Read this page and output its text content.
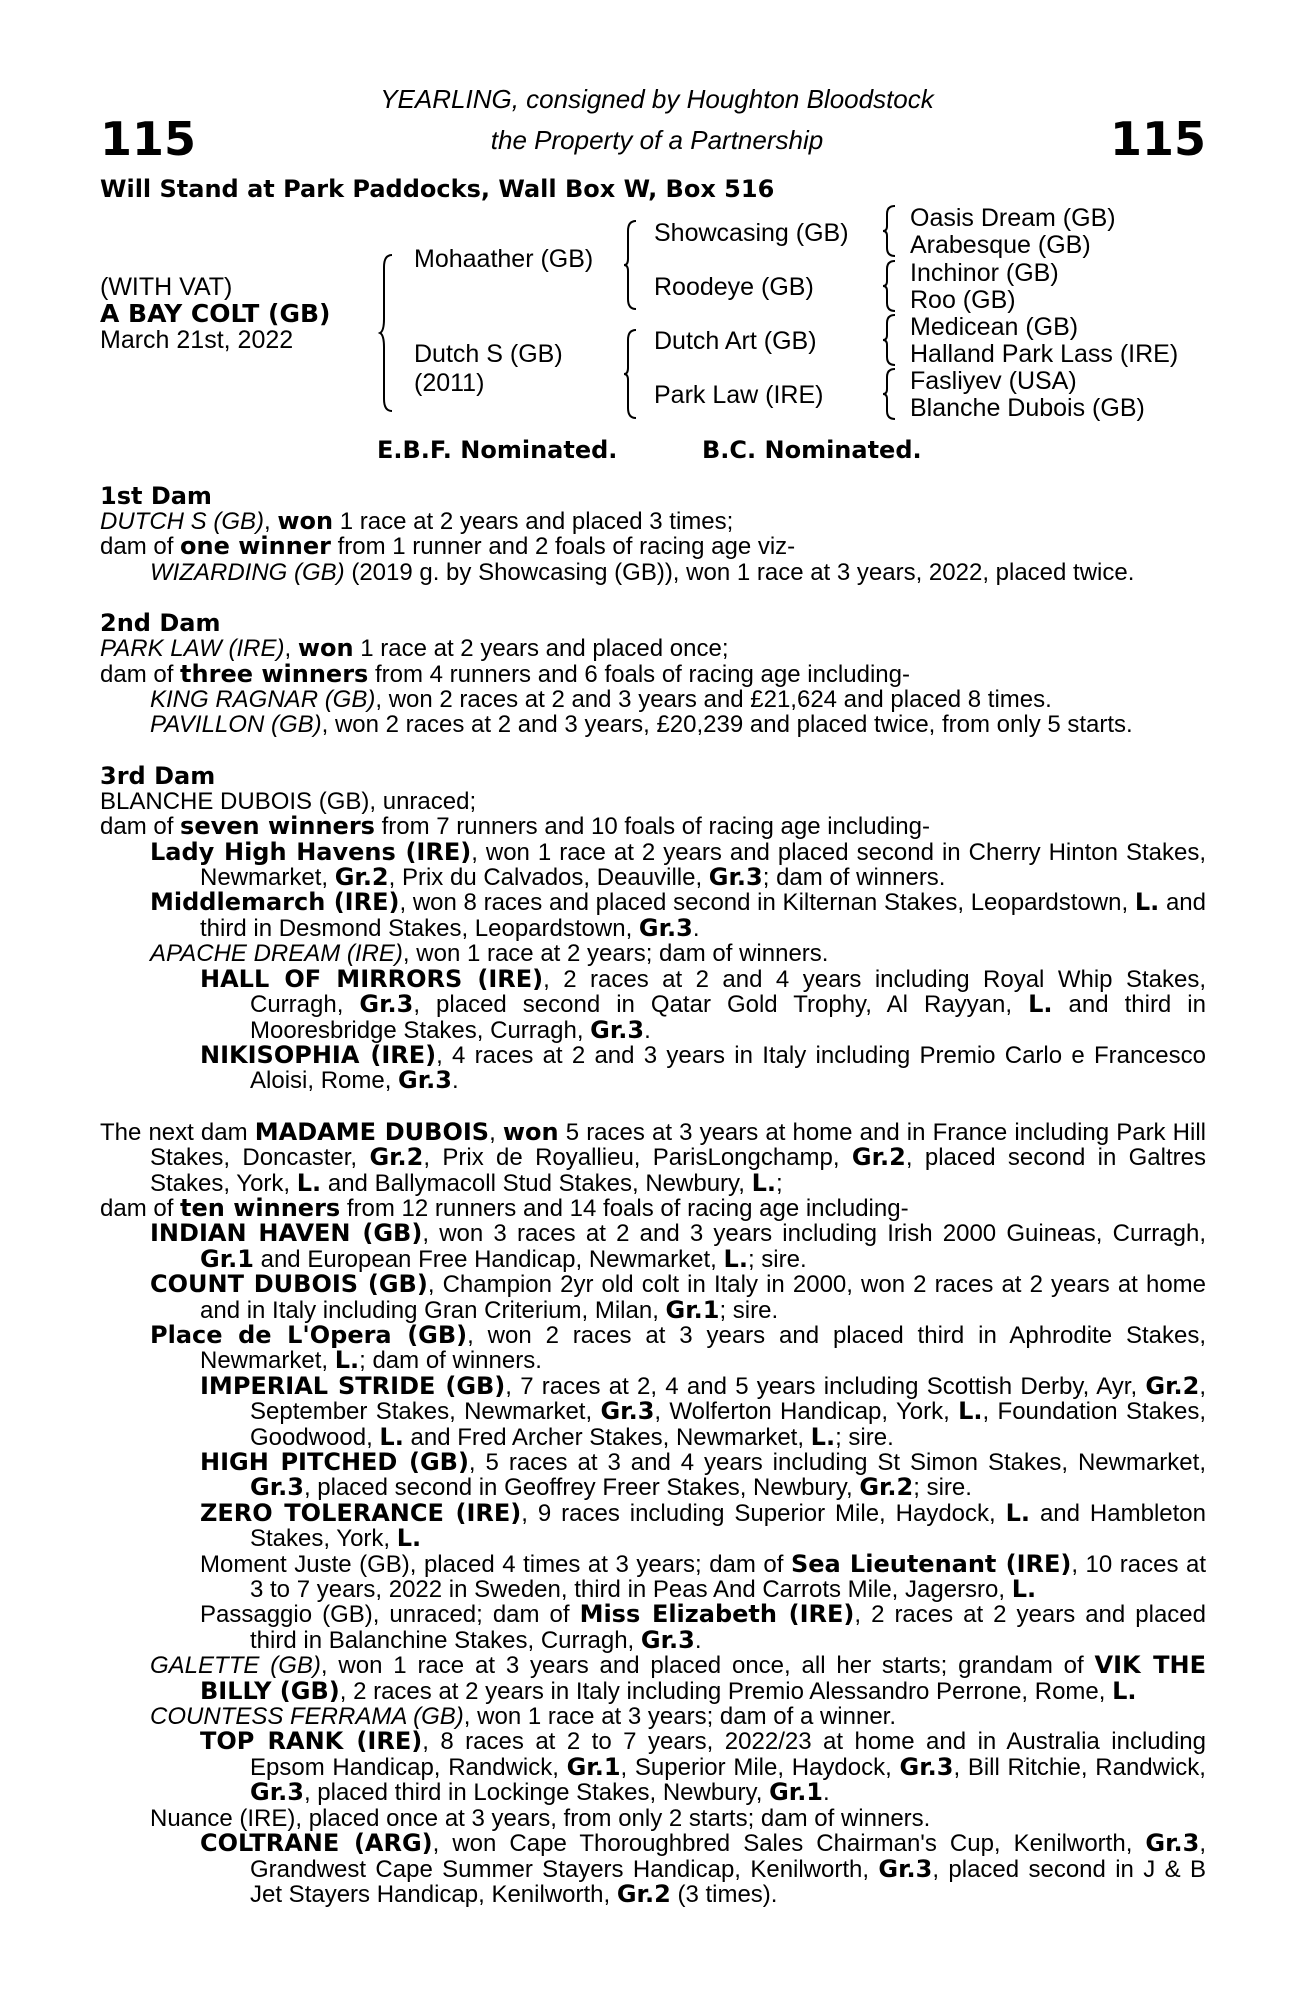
115	115
YEARLING, consigned by Houghton Bloodstock
the Property of a Partnership
Will Stand at Park Paddocks, Wall Box W, Box 516
(WITH VAT)
A BAY COLT (GB)
March 21st, 2022
Mohaather (GB)
Dutch S (GB)
(2011)
Showcasing (GB)
Roodeye (GB)
Dutch Art (GB)
Park Law (IRE)
Oasis Dream (GB)
Arabesque (GB)
Inchinor (GB)
Roo (GB)
Medicean (GB)
Halland Park Lass (IRE)
Fasliyev (USA)
Blanche Dubois (GB)
E.B.F. Nominated.	B.C. Nominated.
1st Dam
DUTCH S (GB), won 1 race at 2 years and placed 3 times;
dam of one winner from 1 runner and 2 foals of racing age viz-
WIZARDING (GB) (2019 g. by Showcasing (GB)), won 1 race at 3 years, 2022, placed twice.
2nd Dam
PARK LAW (IRE), won 1 race at 2 years and placed once;
dam of three winners from 4 runners and 6 foals of racing age including-
KING RAGNAR (GB), won 2 races at 2 and 3 years and £21,624 and placed 8 times.
PAVILLON (GB), won 2 races at 2 and 3 years, £20,239 and placed twice, from only 5 starts.
3rd Dam
BLANCHE DUBOIS (GB), unraced;
dam of seven winners from 7 runners and 10 foals of racing age including-
Lady High Havens (IRE), won 1 race at 2 years and placed second in Cherry Hinton Stakes, Newmarket, Gr.2, Prix du Calvados, Deauville, Gr.3; dam of winners.
Middlemarch (IRE), won 8 races and placed second in Kilternan Stakes, Leopardstown, L. and third in Desmond Stakes, Leopardstown, Gr.3.
APACHE DREAM (IRE), won 1 race at 2 years; dam of winners.
HALL OF MIRRORS (IRE), 2 races at 2 and 4 years including Royal Whip Stakes, Curragh, Gr.3, placed second in Qatar Gold Trophy, Al Rayyan, L. and third in Mooresbridge Stakes, Curragh, Gr.3.
NIKISOPHIA (IRE), 4 races at 2 and 3 years in Italy including Premio Carlo e Francesco Aloisi, Rome, Gr.3.
The next dam MADAME DUBOIS, won 5 races at 3 years at home and in France including Park Hill Stakes, Doncaster, Gr.2, Prix de Royallieu, ParisLongchamp, Gr.2, placed second in Galtres Stakes, York, L. and Ballymacoll Stud Stakes, Newbury, L.;
dam of ten winners from 12 runners and 14 foals of racing age including-
INDIAN HAVEN (GB), won 3 races at 2 and 3 years including Irish 2000 Guineas, Curragh, Gr.1 and European Free Handicap, Newmarket, L.; sire.
COUNT DUBOIS (GB), Champion 2yr old colt in Italy in 2000, won 2 races at 2 years at home and in Italy including Gran Criterium, Milan, Gr.1; sire.
Place de L'Opera (GB), won 2 races at 3 years and placed third in Aphrodite Stakes, Newmarket, L.; dam of winners.
IMPERIAL STRIDE (GB), 7 races at 2, 4 and 5 years including Scottish Derby, Ayr, Gr.2, September Stakes, Newmarket, Gr.3, Wolferton Handicap, York, L., Foundation Stakes, Goodwood, L. and Fred Archer Stakes, Newmarket, L.; sire.
HIGH PITCHED (GB), 5 races at 3 and 4 years including St Simon Stakes, Newmarket, Gr.3, placed second in Geoffrey Freer Stakes, Newbury, Gr.2; sire.
ZERO TOLERANCE (IRE), 9 races including Superior Mile, Haydock, L. and Hambleton Stakes, York, L.
Moment Juste (GB), placed 4 times at 3 years; dam of Sea Lieutenant (IRE), 10 races at 3 to 7 years, 2022 in Sweden, third in Peas And Carrots Mile, Jagersro, L.
Passaggio (GB), unraced; dam of Miss Elizabeth (IRE), 2 races at 2 years and placed third in Balanchine Stakes, Curragh, Gr.3.
GALETTE (GB), won 1 race at 3 years and placed once, all her starts; grandam of VIK THE BILLY (GB), 2 races at 2 years in Italy including Premio Alessandro Perrone, Rome, L.
COUNTESS FERRAMA (GB), won 1 race at 3 years; dam of a winner.
TOP RANK (IRE), 8 races at 2 to 7 years, 2022/23 at home and in Australia including Epsom Handicap, Randwick, Gr.1, Superior Mile, Haydock, Gr.3, Bill Ritchie, Randwick, Gr.3, placed third in Lockinge Stakes, Newbury, Gr.1.
Nuance (IRE), placed once at 3 years, from only 2 starts; dam of winners.
COLTRANE (ARG), won Cape Thoroughbred Sales Chairman's Cup, Kenilworth, Gr.3, Grandwest Cape Summer Stayers Handicap, Kenilworth, Gr.3, placed second in J & B Jet Stayers Handicap, Kenilworth, Gr.2 (3 times).
